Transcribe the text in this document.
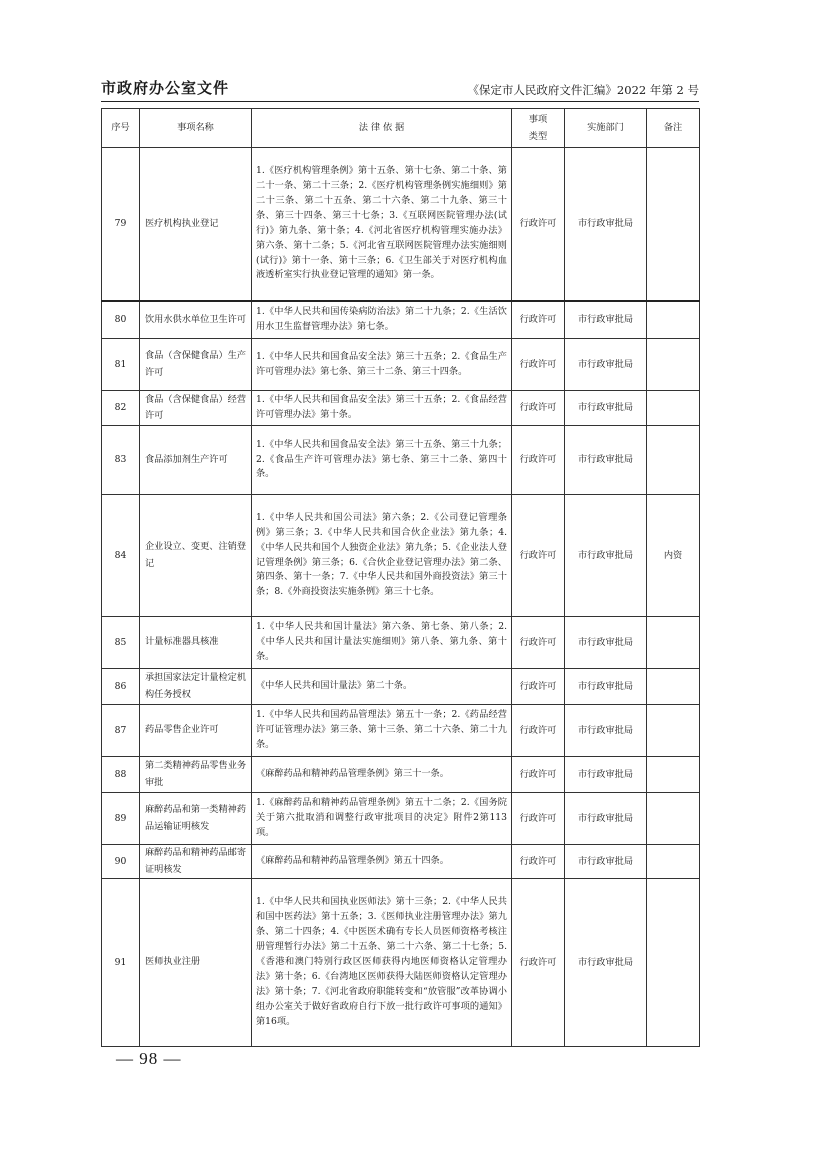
市政府办公室文件	《保定市人民政府文件汇编》2022 年第 2 号
序号	事项名称	法 律 依 据	事项类型	实施部门	备注
79	医疗机构执业登记	1.《医疗机构管理条例》第十五条、第十七条、第二十条、第二十一条、第二十三条；2.《医疗机构管理条例实施细则》第二十三条、第二十五条、第二十六条、第二十九条、第三十条、第三十四条、第三十七条；3.《互联网医院管理办法(试行)》第九条、第十条；4.《河北省医疗机构管理实施办法》第六条、第十二条；5.《河北省互联网医院管理办法实施细则(试行)》第十一条、第十三条；6.《卫生部关于对医疗机构血液透析室实行执业登记管理的通知》第一条。	行政许可	市行政审批局	
80	饮用水供水单位卫生许可	1.《中华人民共和国传染病防治法》第二十九条；2.《生活饮用水卫生监督管理办法》第七条。	行政许可	市行政审批局	
81	食品（含保健食品）生产许可	1.《中华人民共和国食品安全法》第三十五条；2.《食品生产许可管理办法》第七条、第三十二条、第三十四条。	行政许可	市行政审批局	
82	食品（含保健食品）经营许可	1.《中华人民共和国食品安全法》第三十五条；2.《食品经营许可管理办法》第十条。	行政许可	市行政审批局	
83	食品添加剂生产许可	1.《中华人民共和国食品安全法》第三十五条、第三十九条；2.《食品生产许可管理办法》第七条、第三十二条、第四十条。	行政许可	市行政审批局	
84	企业设立、变更、注销登记	1.《中华人民共和国公司法》第六条；2.《公司登记管理条例》第三条；3.《中华人民共和国合伙企业法》第九条；4.《中华人民共和国个人独资企业法》第九条；5.《企业法人登记管理条例》第三条；6.《合伙企业登记管理办法》第二条、第四条、第十一条；7.《中华人民共和国外商投资法》第三十条；8.《外商投资法实施条例》第三十七条。	行政许可	市行政审批局	内资
85	计量标准器具核准	1.《中华人民共和国计量法》第六条、第七条、第八条；2.《中华人民共和国计量法实施细则》第八条、第九条、第十条。	行政许可	市行政审批局	
86	承担国家法定计量检定机构任务授权	《中华人民共和国计量法》第二十条。	行政许可	市行政审批局	
87	药品零售企业许可	1.《中华人民共和国药品管理法》第五十一条；2.《药品经营许可证管理办法》第三条、第十三条、第二十六条、第二十九条。	行政许可	市行政审批局	
88	第二类精神药品零售业务审批	《麻醉药品和精神药品管理条例》第三十一条。	行政许可	市行政审批局	
89	麻醉药品和第一类精神药品运输证明核发	1.《麻醉药品和精神药品管理条例》第五十二条；2.《国务院关于第六批取消和调整行政审批项目的决定》附件2第113项。	行政许可	市行政审批局	
90	麻醉药品和精神药品邮寄证明核发	《麻醉药品和精神药品管理条例》第五十四条。	行政许可	市行政审批局	
91	医师执业注册	1.《中华人民共和国执业医师法》第十三条；2.《中华人民共和国中医药法》第十五条；3.《医师执业注册管理办法》第九条、第二十四条；4.《中医医术确有专长人员医师资格考核注册管理暂行办法》第二十五条、第二十六条、第二十七条；5.《香港和澳门特别行政区医师获得内地医师资格认定管理办法》第十条；6.《台湾地区医师获得大陆医师资格认定管理办法》第十条；7.《河北省政府职能转变和“放管服”改革协调小组办公室关于做好省政府自行下放一批行政许可事项的通知》第16项。	行政许可	市行政审批局	
— 98 —
